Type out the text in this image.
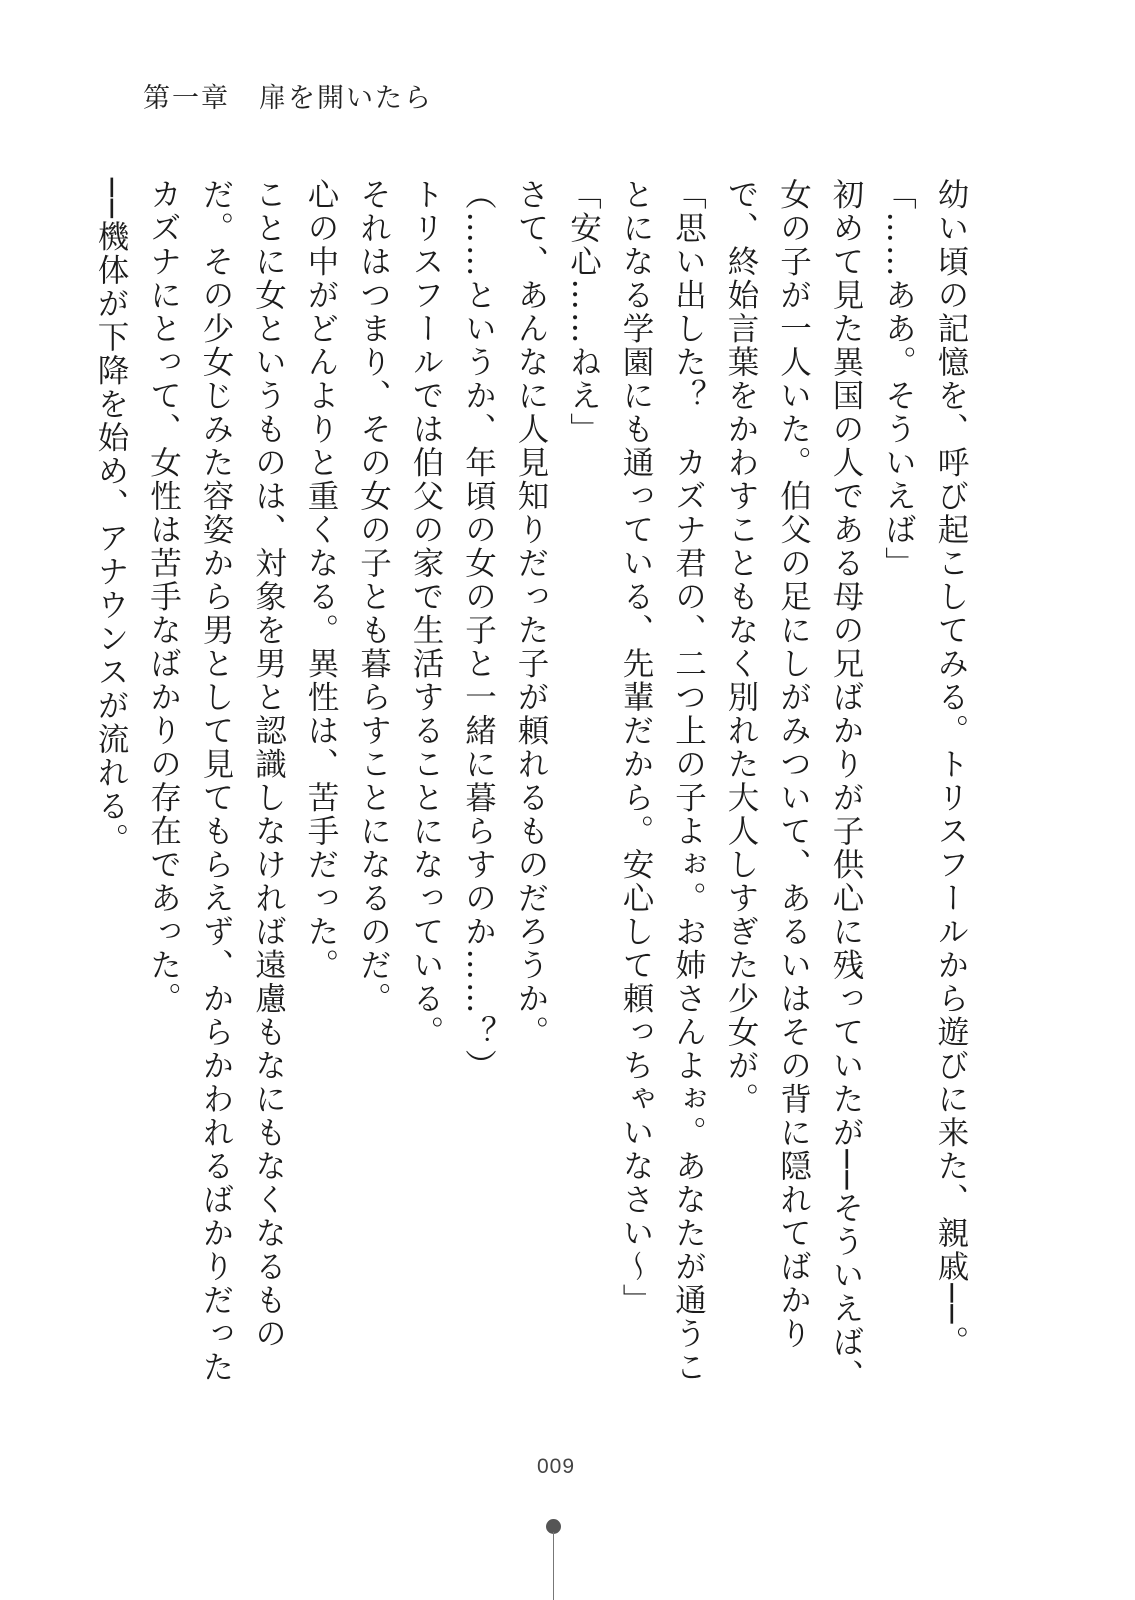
第一章　扉を開いたら

幼い頃の記憶を、呼び起こしてみる。トリスフールから遊びに来た、親戚──。

「……ああ。そういえば」

初めて見た異国の人である母の兄ばかりが子供心に残っていたが──そういえば、女の子が一人いた。伯父の足にしがみついて、あるいはその背に隠れてばかりで、終始言葉をかわすこともなく別れた大人しすぎた少女が。

「思い出した？　カズナ君の、二つ上の子よぉ。お姉さんよぉ。あなたが通うことになる学園にも通っている、先輩だから。安心して頼っちゃいなさい～」

「安心……ねえ」

さて、あんなに人見知りだった子が頼れるものだろうか。

（……というか、年頃の女の子と一緒に暮らすのか……？）

トリスフールでは伯父の家で生活することになっている。

それはつまり、その女の子とも暮らすことになるのだ。

心の中がどんよりと重くなる。異性は、苦手だった。

ことに女というものは、対象を男と認識しなければ遠慮もなにもなくなるものだ。その少女じみた容姿から男として見てもらえず、からかわれるばかりだったカズナにとって、女性は苦手なばかりの存在であった。

──機体が下降を始め、アナウンスが流れる。

009
